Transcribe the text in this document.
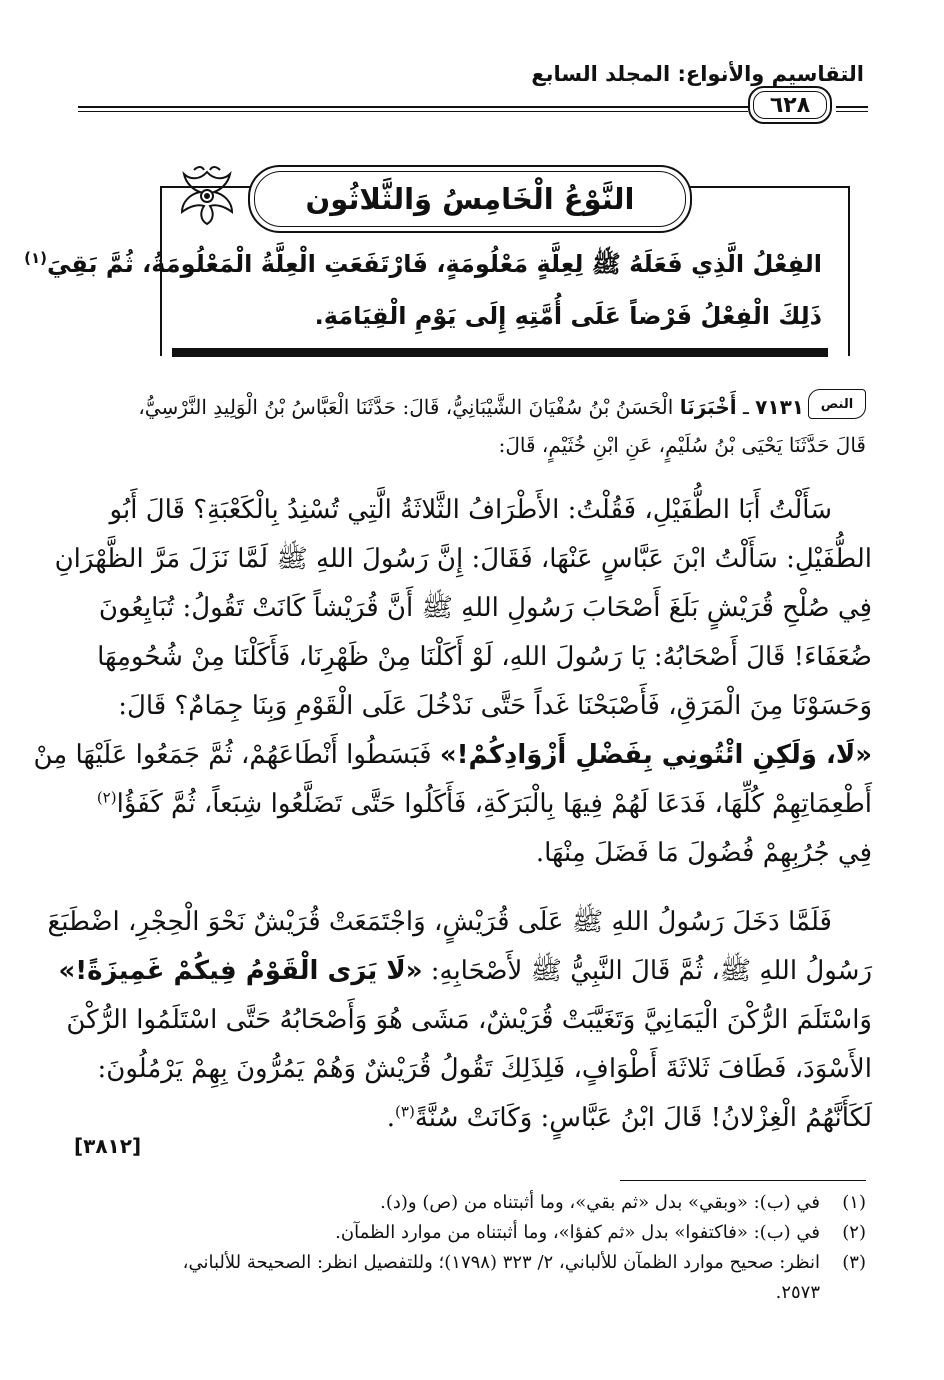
التقاسيم والأنواع: المجلد السابع
٦٢٨
النَّوْعُ الْخَامِسُ وَالثَّلاثُون
الفِعْلُ الَّذِي فَعَلَهُ ﷺ لِعِلَّةٍ مَعْلُومَةٍ، فَارْتَفَعَتِ الْعِلَّةُ الْمَعْلُومَةُ، ثُمَّ بَقِيَ$^{(١)}$
ذَلِكَ الْفِعْلُ فَرْضاً عَلَى أُمَّتِهِ إِلَى يَوْمِ الْقِيَامَةِ.
النص
٧١٣١ ـ أَخْبَرَنَا الْحَسَنُ بْنُ سُفْيَانَ الشَّيْبَانِيُّ، قَالَ: حَدَّثَنَا الْعَبَّاسُ بْنُ الْوَلِيدِ النَّرْسِيُّ،
قَالَ حَدَّثَنَا يَحْيَى بْنُ سُلَيْمٍ، عَنِ ابْنِ خُثَيْمٍ، قَالَ:
سَأَلْتُ أَبَا الطُّفَيْلِ، فَقُلْتُ: الأَطْرَافُ الثَّلاثَةُ الَّتِي تُسْنِدُ بِالْكَعْبَةِ؟ قَالَ أَبُو
الطُّفَيْلِ: سَأَلْتُ ابْنَ عَبَّاسٍ عَنْهَا، فَقَالَ: إِنَّ رَسُولَ اللهِ ﷺ لَمَّا نَزَلَ مَرَّ الظَّهْرَانِ
فِي صُلْحِ قُرَيْشٍ بَلَغَ أَصْحَابَ رَسُولِ اللهِ ﷺ أَنَّ قُرَيْشاً كَانَتْ تَقُولُ: تُبَايِعُونَ
ضُعَفَاءَ! قَالَ أَصْحَابُهُ: يَا رَسُولَ اللهِ، لَوْ أَكَلْنَا مِنْ ظَهْرِنَا، فَأَكَلْنَا مِنْ شُحُومِهَا
وَحَسَوْنَا مِنَ الْمَرَقِ، فَأَصْبَحْنَا غَداً حَتَّى نَدْخُلَ عَلَى الْقَوْمِ وَبِنَا جِمَامٌ؟ قَالَ:
«لَا، وَلَكِنِ ائْتُونِي بِفَضْلِ أَزْوَادِكُمْ!» فَبَسَطُوا أَنْطَاعَهُمْ، ثُمَّ جَمَعُوا عَلَيْهَا مِنْ
أَطْعِمَاتِهِمْ كُلِّهَا، فَدَعَا لَهُمْ فِيهَا بِالْبَرَكَةِ، فَأَكَلُوا حَتَّى تَضَلَّعُوا شِبَعاً، ثُمَّ كَفَؤُا$^{(٢)}$
فِي جُرُبِهِمْ فُضُولَ مَا فَضَلَ مِنْهَا.
فَلَمَّا دَخَلَ رَسُولُ اللهِ ﷺ عَلَى قُرَيْشٍ، وَاجْتَمَعَتْ قُرَيْشٌ نَحْوَ الْحِجْرِ، اضْطَبَعَ
رَسُولُ اللهِ ﷺ، ثُمَّ قَالَ النَّبِيُّ ﷺ لأَصْحَابِهِ: «لَا يَرَى الْقَوْمُ فِيكُمْ غَمِيزَةً!»
وَاسْتَلَمَ الرُّكْنَ الْيَمَانِيَّ وَتَغَيَّبَتْ قُرَيْشٌ، مَشَى هُوَ وَأَصْحَابُهُ حَتَّى اسْتَلَمُوا الرُّكْنَ
الأَسْوَدَ، فَطَافَ ثَلاثَةَ أَطْوَافٍ، فَلِذَلِكَ تَقُولُ قُرَيْشٌ وَهُمْ يَمُرُّونَ بِهِمْ يَرْمُلُونَ:
لَكَأَنَّهُمُ الْغِزْلانُ! قَالَ ابْنُ عَبَّاسٍ: وَكَانَتْ سُنَّةً$^{(٣)}$.
[٣٨١٢]
(١)
في (ب): «وبقي» بدل «ثم بقي»، وما أثبتناه من (ص) و(د).
(٢)
في (ب): «فاكتفوا» بدل «ثم كفؤا»، وما أثبتناه من موارد الظمآن.
(٣)
انظر: صحيح موارد الظمآن للألباني، ٢/ ٣٢٣ (١٧٩٨)؛ وللتفصيل انظر: الصحيحة للألباني،
٢٥٧٣.
